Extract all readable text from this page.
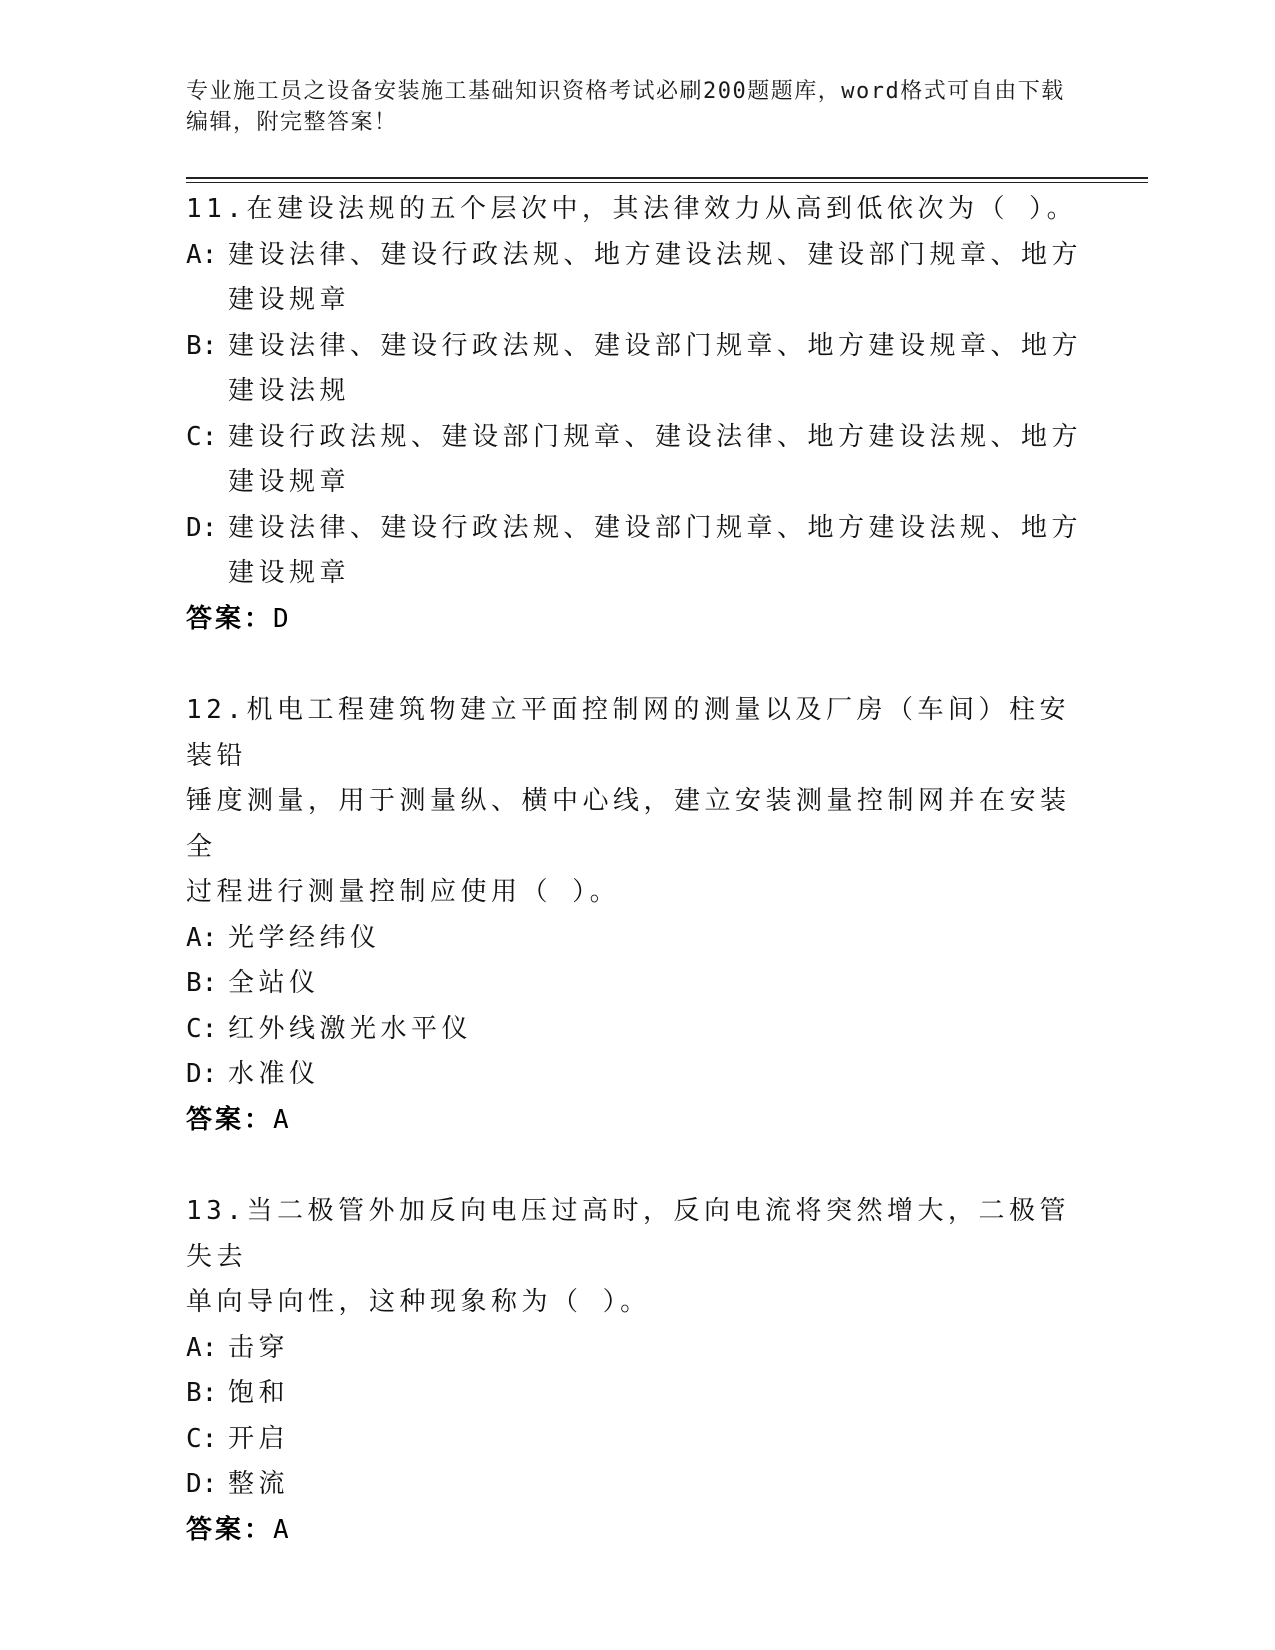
专业施工员之设备安装施工基础知识资格考试必刷200题题库，word格式可自由下载编辑，附完整答案！
11.在建设法规的五个层次中，其法律效力从高到低依次为（ ）。
A: 建设法律、建设行政法规、地方建设法规、建设部门规章、地方建设规章
B: 建设法律、建设行政法规、建设部门规章、地方建设规章、地方建设法规
C: 建设行政法规、建设部门规章、建设法律、地方建设法规、地方建设规章
D: 建设法律、建设行政法规、建设部门规章、地方建设法规、地方建设规章
答案：D
12.机电工程建筑物建立平面控制网的测量以及厂房（车间）柱安装铅
锤度测量，用于测量纵、横中心线，建立安装测量控制网并在安装全
过程进行测量控制应使用（ ）。
A: 光学经纬仪
B: 全站仪
C: 红外线激光水平仪
D: 水准仪
答案：A
13.当二极管外加反向电压过高时，反向电流将突然增大，二极管失去
单向导向性，这种现象称为（ ）。
A: 击穿
B: 饱和
C: 开启
D: 整流
答案：A
